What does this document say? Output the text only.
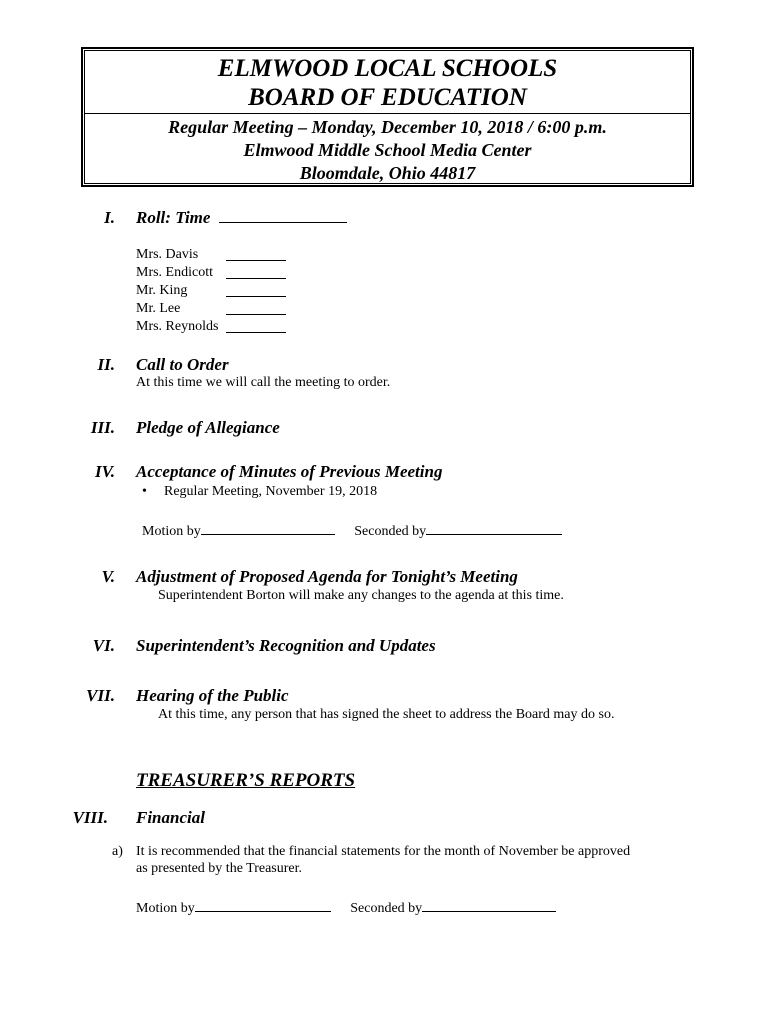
ELMWOOD LOCAL SCHOOLS
BOARD OF EDUCATION
Regular Meeting – Monday, December 10, 2018 / 6:00 p.m.
Elmwood Middle School Media Center
Bloomdale, Ohio 44817
I. Roll: Time
Mrs. Davis
Mrs. Endicott
Mr. King
Mr. Lee
Mrs. Reynolds
II. Call to Order
At this time we will call the meeting to order.
III. Pledge of Allegiance
IV. Acceptance of Minutes of Previous Meeting
• Regular Meeting, November 19, 2018
Motion by	Seconded by
V. Adjustment of Proposed Agenda for Tonight’s Meeting
Superintendent Borton will make any changes to the agenda at this time.
VI. Superintendent’s Recognition and Updates
VII. Hearing of the Public
At this time, any person that has signed the sheet to address the Board may do so.
TREASURER’S REPORTS
VIII. Financial
a) It is recommended that the financial statements for the month of November be approved
as presented by the Treasurer.
Motion by	Seconded by
